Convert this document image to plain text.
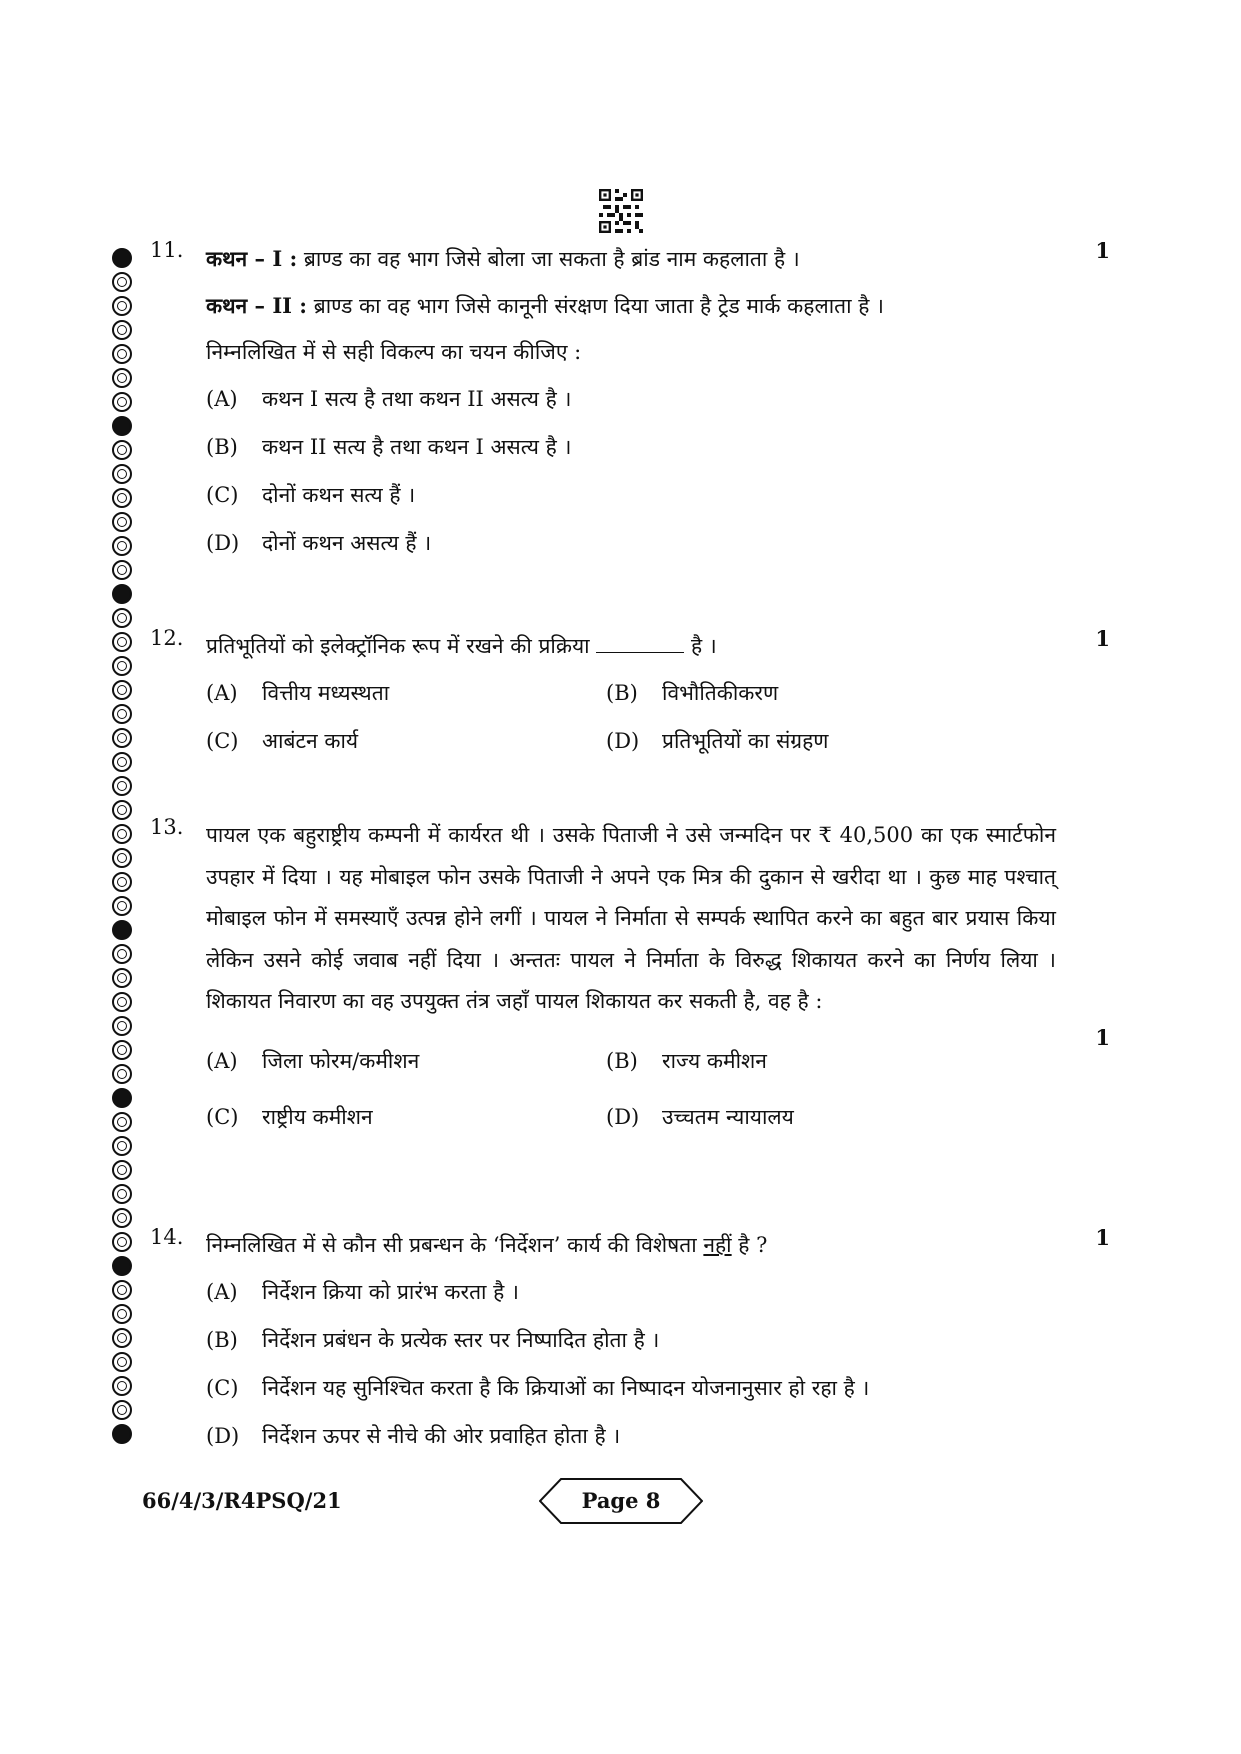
11.	1
कथन – I : ब्राण्ड का वह भाग जिसे बोला जा सकता है ब्रांड नाम कहलाता है ।
कथन – II : ब्राण्ड का वह भाग जिसे कानूनी संरक्षण दिया जाता है ट्रेड मार्क कहलाता है ।
निम्नलिखित में से सही विकल्प का चयन कीजिए :
(A) कथन I सत्य है तथा कथन II असत्य है ।
(B) कथन II सत्य है तथा कथन I असत्य है ।
(C) दोनों कथन सत्य हैं ।
(D) दोनों कथन असत्य हैं ।
12.	1
प्रतिभूतियों को इलेक्ट्रॉनिक रूप में रखने की प्रक्रिया	है ।
(A) वित्तीय मध्यस्थता	(B) विभौतिकीकरण
(C) आबंटन कार्य	(D) प्रतिभूतियों का संग्रहण
13.
1
पायल एक बहुराष्ट्रीय कम्पनी में कार्यरत थी । उसके पिताजी ने उसे जन्मदिन पर ₹ 40,500 का एक स्मार्टफोन उपहार में दिया । यह मोबाइल फोन उसके पिताजी ने अपने एक मित्र की दुकान से खरीदा था । कुछ माह पश्चात् मोबाइल फोन में समस्याएँ उत्पन्न होने लगीं । पायल ने निर्माता से सम्पर्क स्थापित करने का बहुत बार प्रयास किया लेकिन उसने कोई जवाब नहीं दिया । अन्ततः पायल ने निर्माता के विरुद्ध शिकायत करने का निर्णय लिया । शिकायत निवारण का वह उपयुक्त तंत्र जहाँ पायल शिकायत कर सकती है, वह है :
(A) जिला फोरम/कमीशन	(B) राज्य कमीशन
(C) राष्ट्रीय कमीशन	(D) उच्चतम न्यायालय
14.	1
निम्नलिखित में से कौन सी प्रबन्धन के ‘निर्देशन’ कार्य की विशेषता नहीं है ?
(A) निर्देशन क्रिया को प्रारंभ करता है ।
(B) निर्देशन प्रबंधन के प्रत्येक स्तर पर निष्पादित होता है ।
(C) निर्देशन यह सुनिश्चित करता है कि क्रियाओं का निष्पादन योजनानुसार हो रहा है ।
(D) निर्देशन ऊपर से नीचे की ओर प्रवाहित होता है ।
66/4/3/R4PSQ/21	Page 8
